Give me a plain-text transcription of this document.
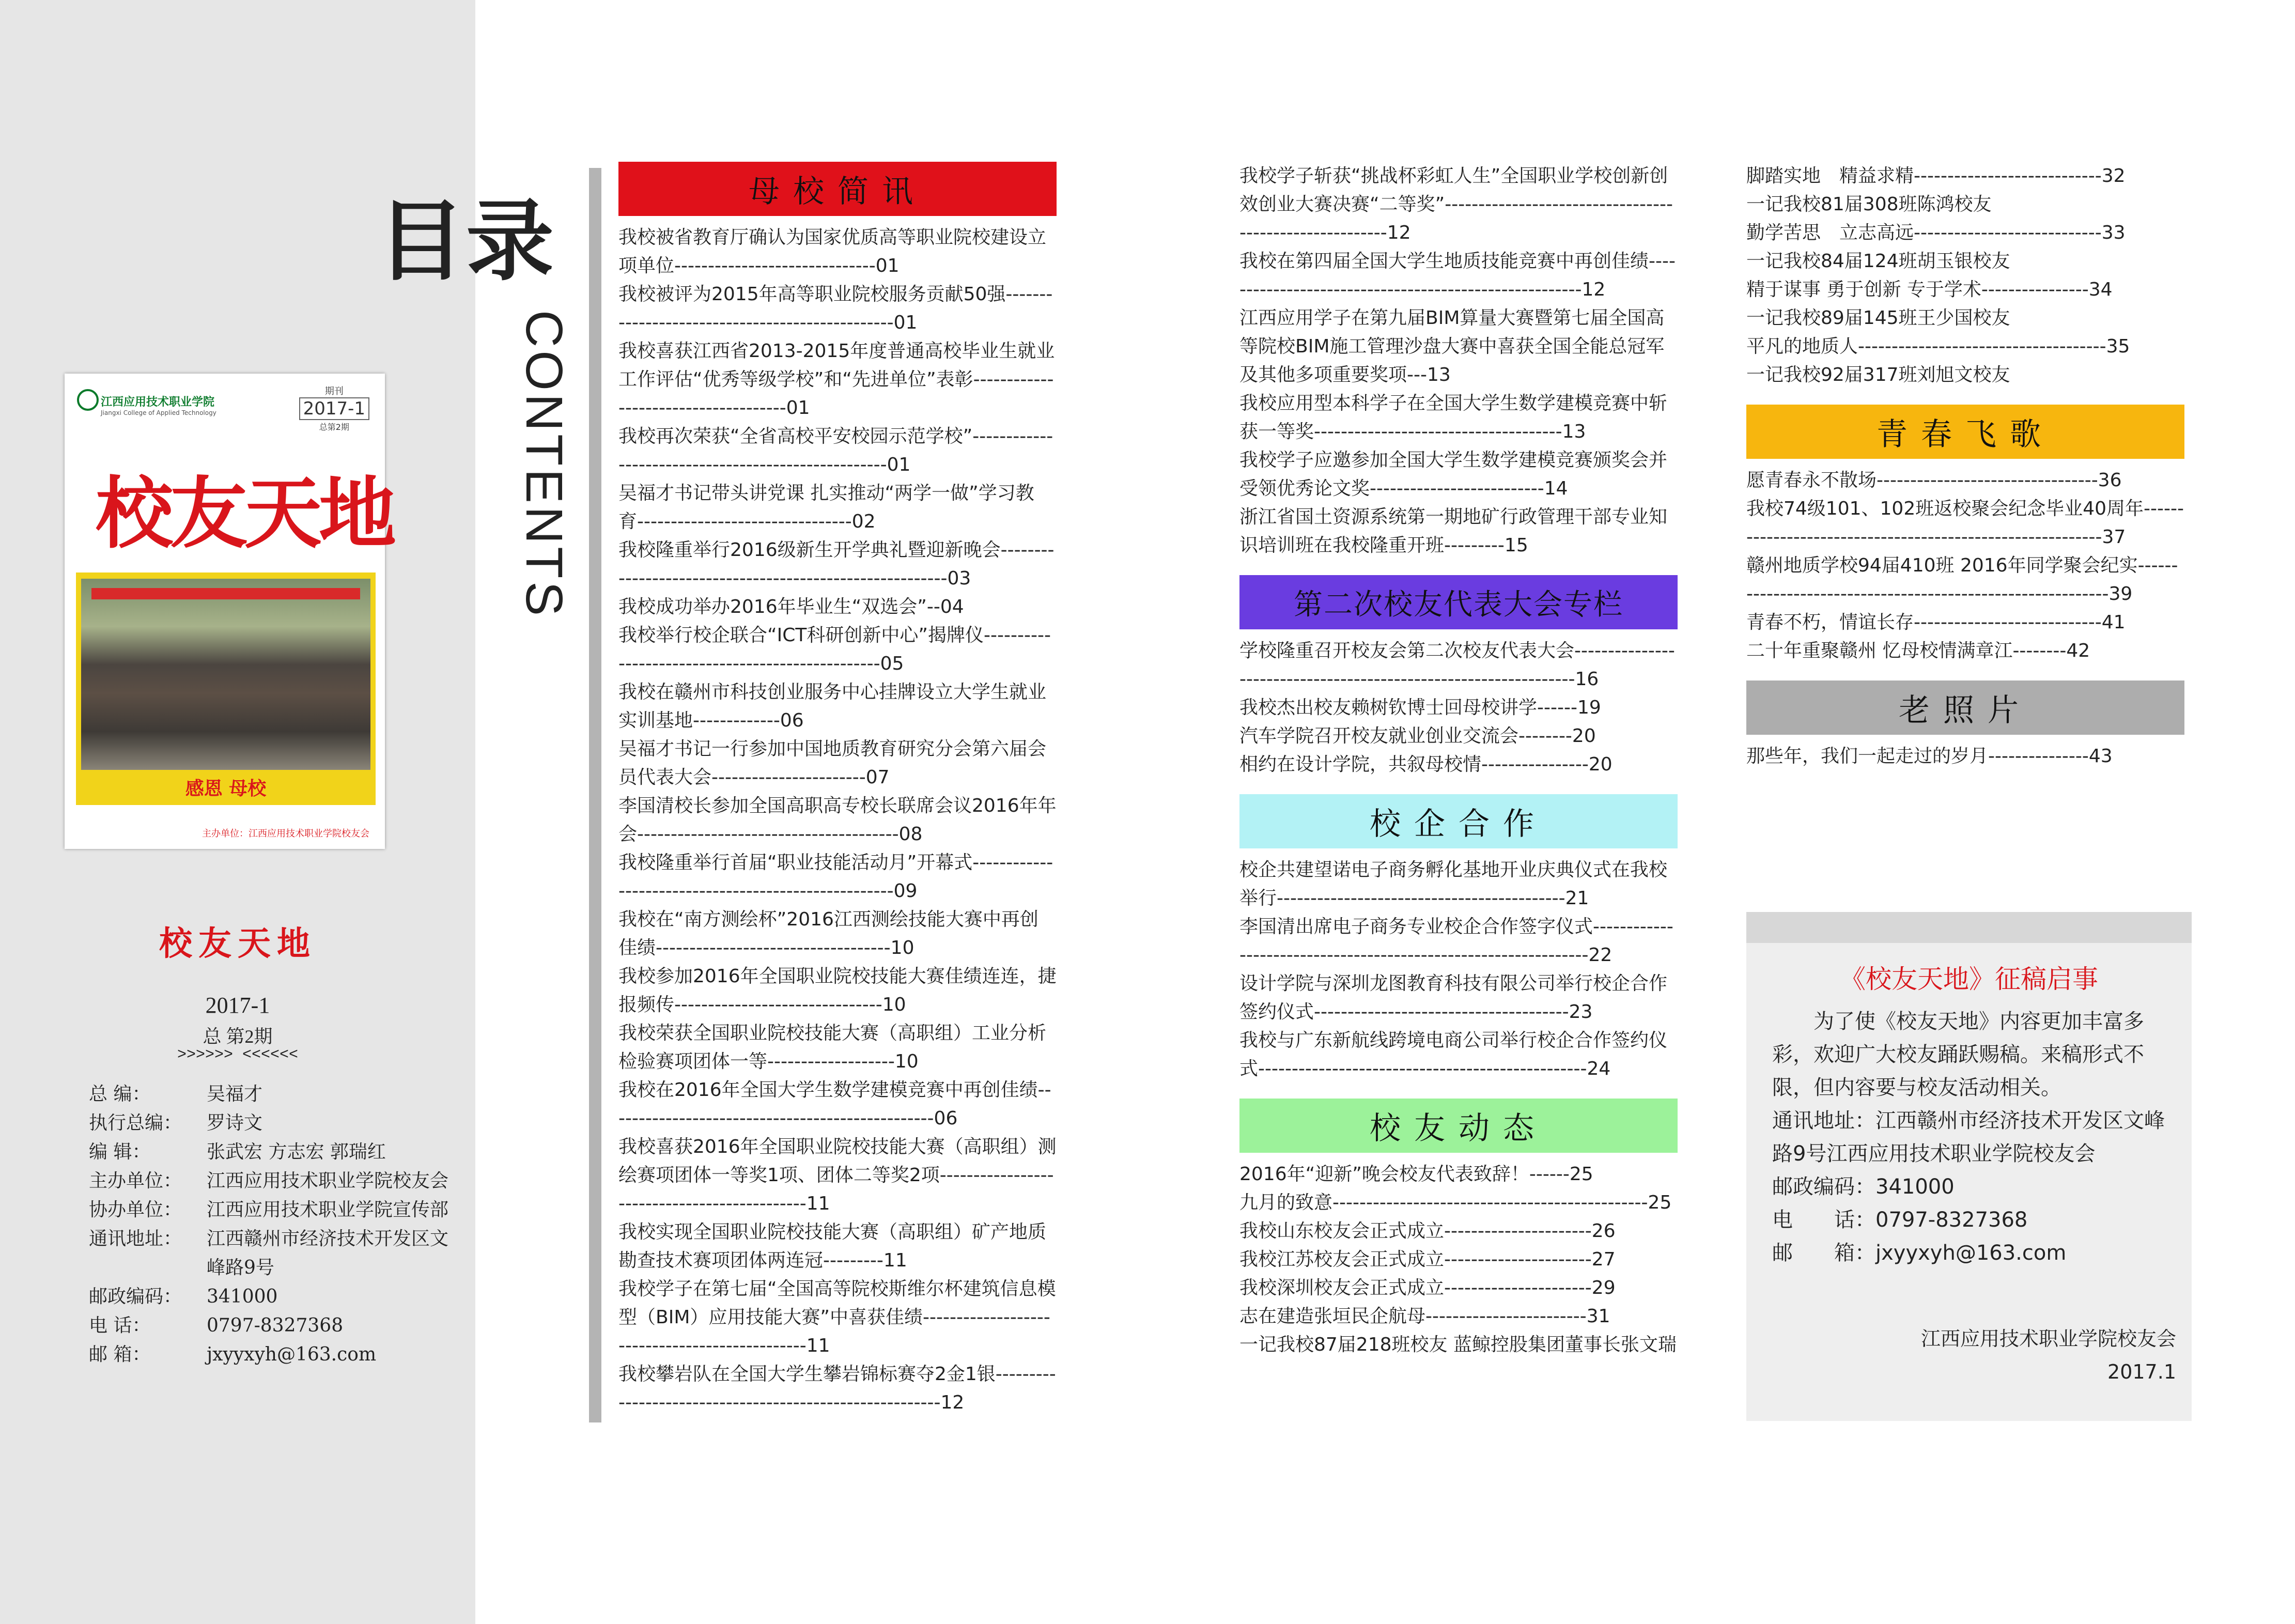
江西应用技术职业学院
Jiangxi College of Applied Technology
期刊
2017-1
总第2期
校友天地
感恩 母校
主办单位：江西应用技术职业学院校友会
校友天地
2017-1
总 第2期
>>>>>> <<<<<<
总 编：	吴福才
执行总编：	罗诗文
编 辑：	张武宏 方志宏 郭瑞红
主办单位：	江西应用技术职业学院校友会
协办单位：	江西应用技术职业学院宣传部
通讯地址：	江西赣州市经济技术开发区文峰路9号
邮政编码：	341000
电 话：	0797-8327368
邮 箱：	jxyyxyh@163.com
目录
CONTENTS
母校简讯
我校被省教育厅确认为国家优质高等职业院校建设立项单位------------------------------01
我校被评为2015年高等职业院校服务贡献50强------------------------------------------------01
我校喜获江西省2013-2015年度普通高校毕业生就业工作评估“优秀等级学校”和“先进单位”表彰-------------------------------------01
我校再次荣获“全省高校平安校园示范学校”----------------------------------------------------01
吴福才书记带头讲党课 扎实推动“两学一做”学习教育--------------------------------02
我校隆重举行2016级新生开学典礼暨迎新晚会---------------------------------------------------------03
我校成功举办2016年毕业生“双选会”--04
我校举行校企联合“ICT科研创新中心”揭牌仪-------------------------------------------------05
我校在赣州市科技创业服务中心挂牌设立大学生就业实训基地-------------06
吴福才书记一行参加中国地质教育研究分会第六届会员代表大会-----------------------07
李国清校长参加全国高职高专校长联席会议2016年年会---------------------------------------08
我校隆重举行首届“职业技能活动月”开幕式-----------------------------------------------------09
我校在“南方测绘杯”2016江西测绘技能大赛中再创佳绩-----------------------------------10
我校参加2016年全国职业院校技能大赛佳绩连连，捷报频传-------------------------------10
我校荣获全国职业院校技能大赛（高职组）工业分析检验赛项团体一等-------------------10
我校在2016年全国大学生数学建模竞赛中再创佳绩-------------------------------------------------06
我校喜获2016年全国职业院校技能大赛（高职组）测绘赛项团体一等奖1项、团体二等奖2项---------------------------------------------11
我校实现全国职业院校技能大赛（高职组）矿产地质勘查技术赛项团体两连冠---------11
我校学子在第七届“全国高等院校斯维尔杯建筑信息模型（BIM）应用技能大赛”中喜获佳绩-----------------------------------------------11
我校攀岩队在全国大学生攀岩锦标赛夺2金1银---------------------------------------------------------12
我校学子斩获“挑战杯彩虹人生”全国职业学校创新创效创业大赛决赛“二等奖”--------------------------------------------------------12
我校在第四届全国大学生地质技能竞赛中再创佳绩-------------------------------------------------------12
江西应用学子在第九届BIM算量大赛暨第七届全国高等院校BIM施工管理沙盘大赛中喜获全国全能总冠军及其他多项重要奖项---13
我校应用型本科学子在全国大学生数学建模竞赛中斩获一等奖-------------------------------------13
我校学子应邀参加全国大学生数学建模竞赛颁奖会并受领优秀论文奖--------------------------14
浙江省国土资源系统第一期地矿行政管理干部专业知识培训班在我校隆重开班---------15
第二次校友代表大会专栏
学校隆重召开校友会第二次校友代表大会-----------------------------------------------------------------16
我校杰出校友赖树钦博士回母校讲学------19
汽车学院召开校友就业创业交流会--------20
相约在设计学院，共叙母校情----------------20
校企合作
校企共建望诺电子商务孵化基地开业庆典仪式在我校举行-------------------------------------------21
李国清出席电子商务专业校企合作签字仪式----------------------------------------------------------------22
设计学院与深圳龙图教育科技有限公司举行校企合作签约仪式--------------------------------------23
我校与广东新航线跨境电商公司举行校企合作签约仪式-------------------------------------------------24
校友动态
2016年“迎新”晚会校友代表致辞！------25
九月的致意-----------------------------------------------25
我校山东校友会正式成立----------------------26
我校江苏校友会正式成立----------------------27
我校深圳校友会正式成立----------------------29
志在建造张垣民企航母------------------------31
一记我校87届218班校友 蓝鲸控股集团董事长张文瑞
脚踏实地　精益求精----------------------------32
一记我校81届308班陈鸿校友
勤学苦思　立志高远----------------------------33
一记我校84届124班胡玉银校友
精于谋事 勇于创新 专于学术----------------34
一记我校89届145班王少国校友
平凡的地质人-------------------------------------35
一记我校92届317班刘旭文校友
青春飞歌
愿青春永不散场---------------------------------36
我校74级101、102班返校聚会纪念毕业40周年-----------------------------------------------------------37
赣州地质学校94届410班 2016年同学聚会纪实------------------------------------------------------------39
青春不朽，情谊长存----------------------------41
二十年重聚赣州 忆母校情满章江--------42
老照片
那些年，我们一起走过的岁月---------------43
《校友天地》征稿启事

为了使《校友天地》内容更加丰富多彩，欢迎广大校友踊跃赐稿。来稿形式不限，但内容要与校友活动相关。

通讯地址：江西赣州市经济技术开发区文峰路9号江西应用技术职业学院校友会

邮政编码：341000

电　　话：0797-8327368

邮　　箱：jxyyxyh@163.com

江西应用技术职业学院校友会
2017.1
